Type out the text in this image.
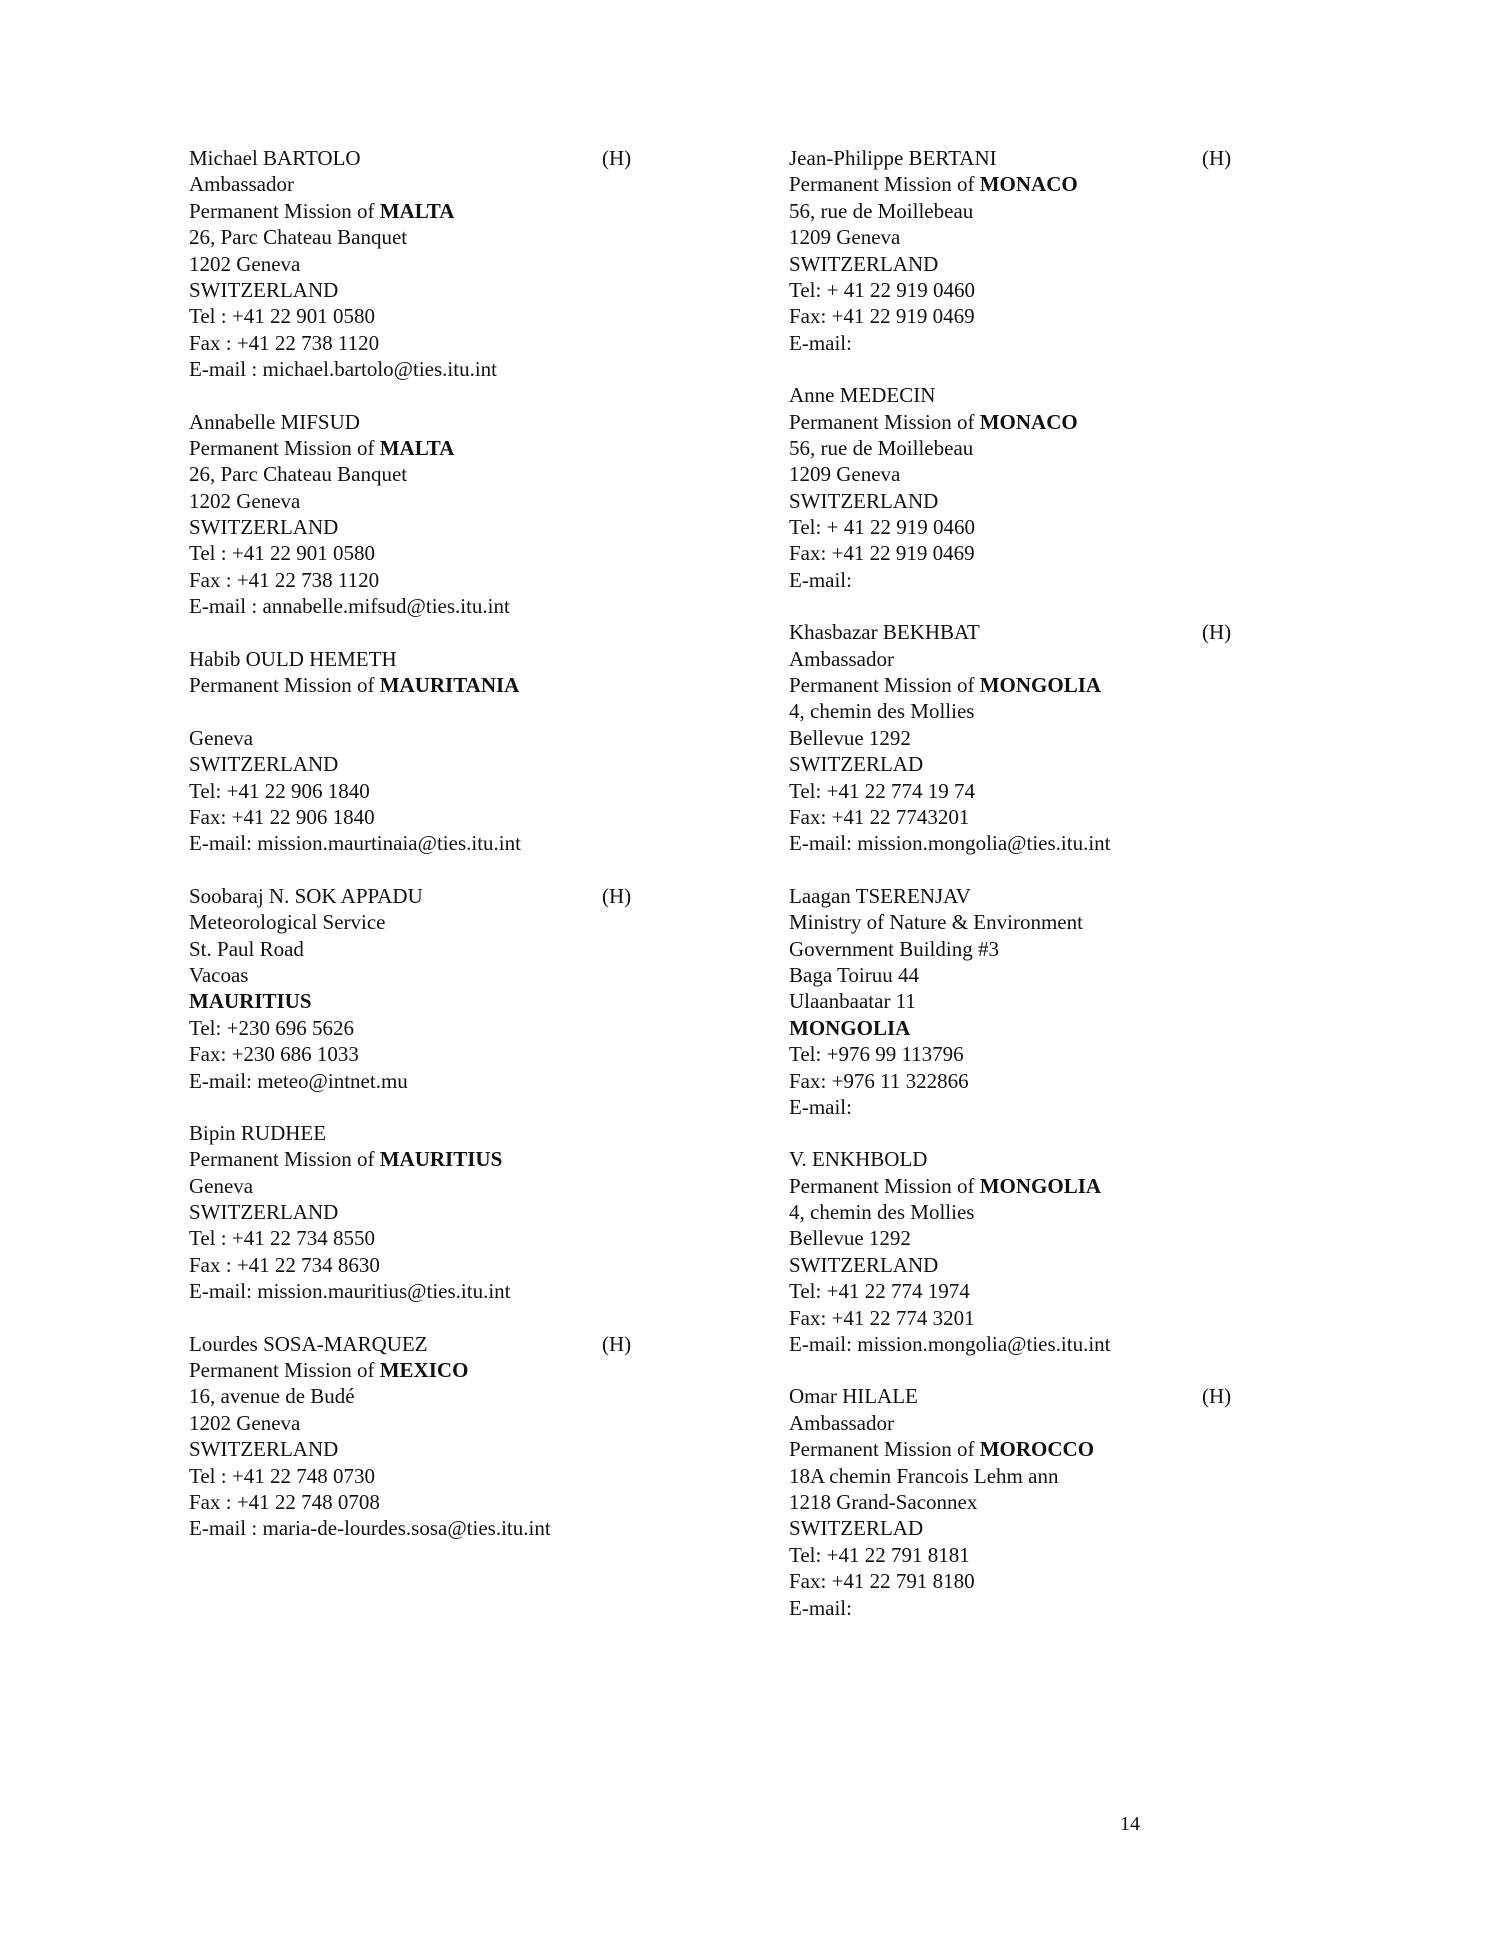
Michael BARTOLO	(H)
Ambassador
Permanent Mission of MALTA
26, Parc Chateau Banquet
1202 Geneva
SWITZERLAND
Tel : +41 22 901 0580
Fax : +41 22 738 1120
E-mail : michael.bartolo@ties.itu.int
Annabelle MIFSUD
Permanent Mission of MALTA
26, Parc Chateau Banquet
1202 Geneva
SWITZERLAND
Tel : +41 22 901 0580
Fax : +41 22 738 1120
E-mail : annabelle.mifsud@ties.itu.int
Habib OULD HEMETH
Permanent Mission of MAURITANIA
Geneva
SWITZERLAND
Tel: +41 22 906 1840
Fax: +41 22 906 1840
E-mail: mission.maurtinaia@ties.itu.int
Soobaraj N. SOK APPADU	(H)
Meteorological Service
St. Paul Road
Vacoas
MAURITIUS
Tel: +230 696 5626
Fax: +230 686 1033
E-mail: meteo@intnet.mu
Bipin RUDHEE
Permanent Mission of MAURITIUS
Geneva
SWITZERLAND
Tel : +41 22 734 8550
Fax : +41 22 734 8630
E-mail: mission.mauritius@ties.itu.int
Lourdes SOSA-MARQUEZ	(H)
Permanent Mission of MEXICO
16, avenue de Budé
1202 Geneva
SWITZERLAND
Tel : +41 22 748 0730
Fax : +41 22 748 0708
E-mail : maria-de-lourdes.sosa@ties.itu.int
Jean-Philippe BERTANI	(H)
Permanent Mission of MONACO
56, rue de Moillebeau
1209 Geneva
SWITZERLAND
Tel: + 41 22 919 0460
Fax: +41 22 919 0469
E-mail:
Anne MEDECIN
Permanent Mission of MONACO
56, rue de Moillebeau
1209 Geneva
SWITZERLAND
Tel: + 41 22 919 0460
Fax: +41 22 919 0469
E-mail:
Khasbazar BEKHBAT	(H)
Ambassador
Permanent Mission of MONGOLIA
4, chemin des Mollies
Bellevue 1292
SWITZERLAD
Tel: +41 22 774 19 74
Fax: +41 22 7743201
E-mail: mission.mongolia@ties.itu.int
Laagan TSERENJAV
Ministry of Nature & Environment
Government Building #3
Baga Toiruu 44
Ulaanbaatar 11
MONGOLIA
Tel: +976 99 113796
Fax: +976 11 322866
E-mail:
V. ENKHBOLD
Permanent Mission of MONGOLIA
4, chemin des Mollies
Bellevue 1292
SWITZERLAND
Tel: +41 22 774 1974
Fax: +41 22 774 3201
E-mail: mission.mongolia@ties.itu.int
Omar HILALE	(H)
Ambassador
Permanent Mission of MOROCCO
18A chemin Francois Lehm ann
1218 Grand-Saconnex
SWITZERLAD
Tel: +41 22 791 8181
Fax: +41 22 791 8180
E-mail:
14
